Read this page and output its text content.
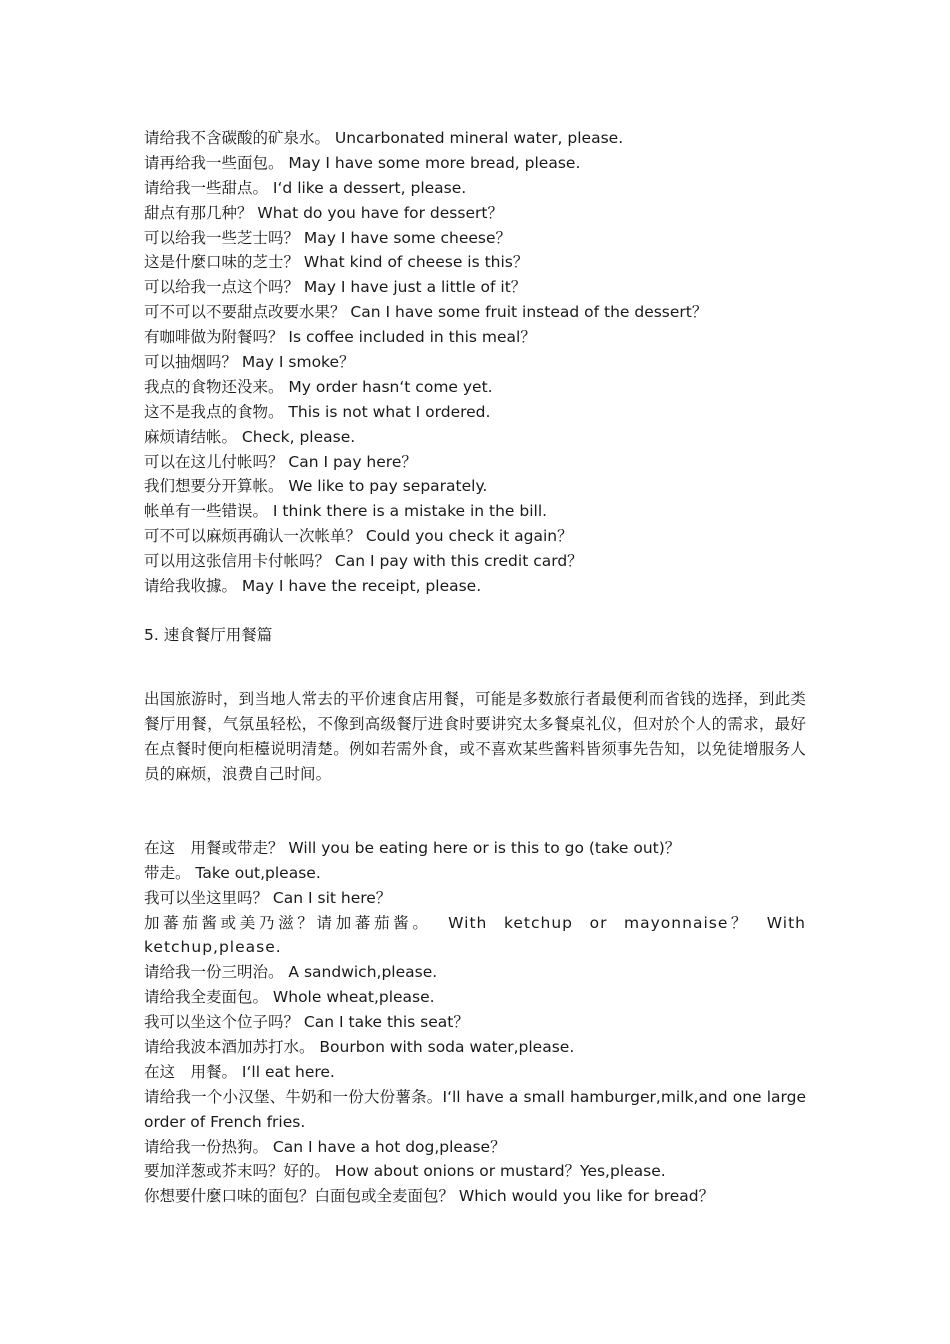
请给我不含碳酸的矿泉水。 Uncarbonated mineral water, please.
请再给我一些面包。 May I have some more bread, please.
请给我一些甜点。 I‘d like a dessert, please.
甜点有那几种？ What do you have for dessert？
可以给我一些芝士吗？ May I have some cheese？
这是什麼口味的芝士？ What kind of cheese is this？
可以给我一点这个吗？ May I have just a little of it？
可不可以不要甜点改要水果？ Can I have some fruit instead of the dessert？
有咖啡做为附餐吗？ Is coffee included in this meal？
可以抽烟吗？ May I smoke？
我点的食物还没来。 My order hasn‘t come yet.
这不是我点的食物。 This is not what I ordered.
麻烦请结帐。 Check, please.
可以在这儿付帐吗？ Can I pay here？
我们想要分开算帐。 We like to pay separately.
帐单有一些错误。 I think there is a mistake in the bill.
可不可以麻烦再确认一次帐单？ Could you check it again？
可以用这张信用卡付帐吗？ Can I pay with this credit card？
请给我收據。 May I have the receipt, please.
5. 速食餐厅用餐篇
出国旅游时，到当地人常去的平价速食店用餐，可能是多数旅行者最便利而省钱的选择，到此类餐厅用餐，气氛虽轻松，不像到高级餐厅进食时要讲究太多餐桌礼仪，但对於个人的需求，最好在点餐时便向柜檯说明清楚。例如若需外食，或不喜欢某些酱料皆须事先告知，以免徒增服务人员的麻烦，浪费自己时间。
在这　用餐或带走？ Will you be eating here or is this to go (take out)？
带走。 Take out,please.
我可以坐这里吗？ Can I sit here？
加蕃茄酱或美乃滋？请加蕃茄酱。 With ketchup or mayonnaise？ With ketchup,please.
请给我一份三明治。 A sandwich,please.
请给我全麦面包。 Whole wheat,please.
我可以坐这个位子吗？ Can I take this seat？
请给我波本酒加苏打水。 Bourbon with soda water,please.
在这　用餐。 I‘ll eat here.
请给我一个小汉堡、牛奶和一份大份薯条。I‘ll have a small hamburger,milk,and one large order of French fries.
请给我一份热狗。 Can I have a hot dog,please？
要加洋葱或芥末吗？好的。 How about onions or mustard？Yes,please.
你想要什麼口味的面包？白面包或全麦面包？ Which would you like for bread？
